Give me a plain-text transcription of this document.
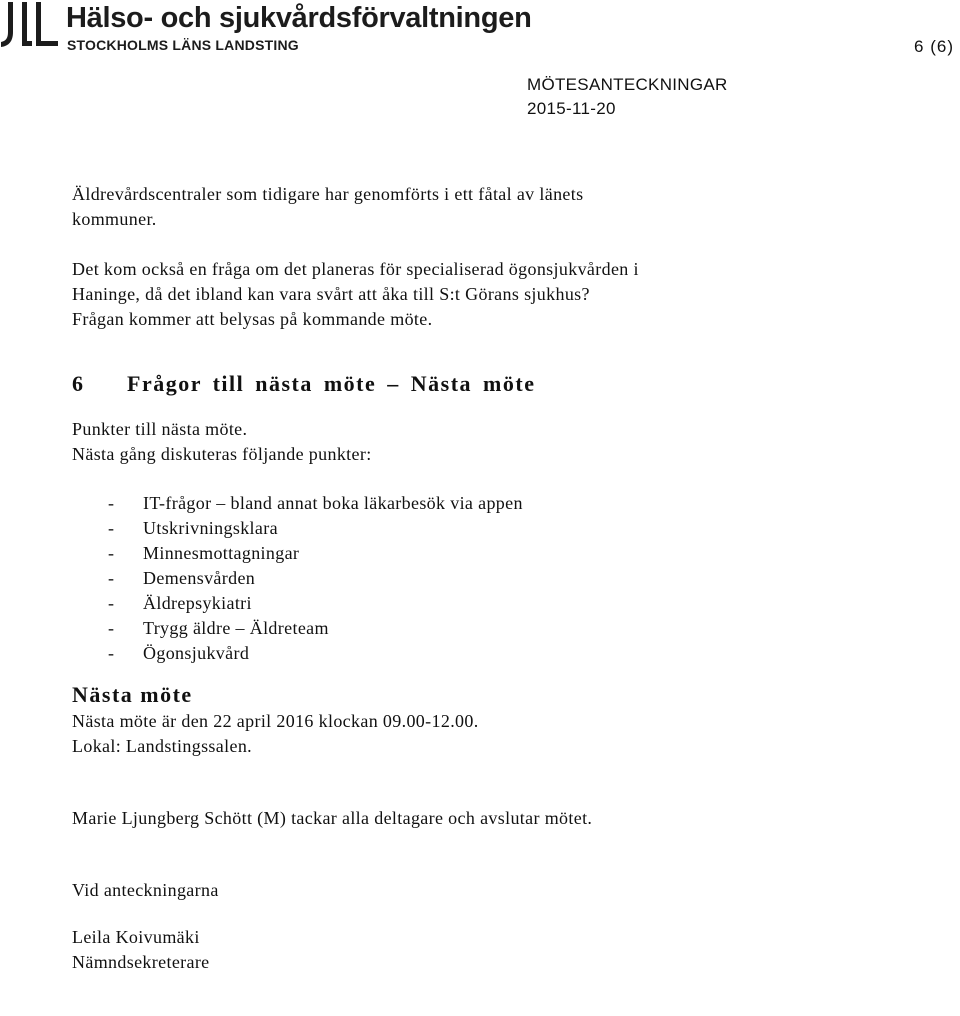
Hälso- och sjukvårdsförvaltningen
STOCKHOLMS LÄNS LANDSTING	6 (6)
MÖTESANTECKNINGAR
2015-11-20

Äldrevårdscentraler som tidigare har genomförts i ett fåtal av länets

kommuner.

Det kom också en fråga om det planeras för specialiserad ögonsjukvården i

Haninge, då det ibland kan vara svårt att åka till S:t Görans sjukhus?

Frågan kommer att belysas på kommande möte.

6 Frågor till nästa möte – Nästa möte

Punkter till nästa möte.

Nästa gång diskuteras följande punkter:

- IT-frågor – bland annat boka läkarbesök via appen
- Utskrivningsklara
- Minnesmottagningar
- Demensvården
- Äldrepsykiatri
- Trygg äldre – Äldreteam
- Ögonsjukvård
Nästa möte

Nästa möte är den 22 april 2016 klockan 09.00-12.00.

Lokal: Landstingssalen.

Marie Ljungberg Schött (M) tackar alla deltagare och avslutar mötet.

Vid anteckningarna

Leila Koivumäki

Nämndsekreterare
